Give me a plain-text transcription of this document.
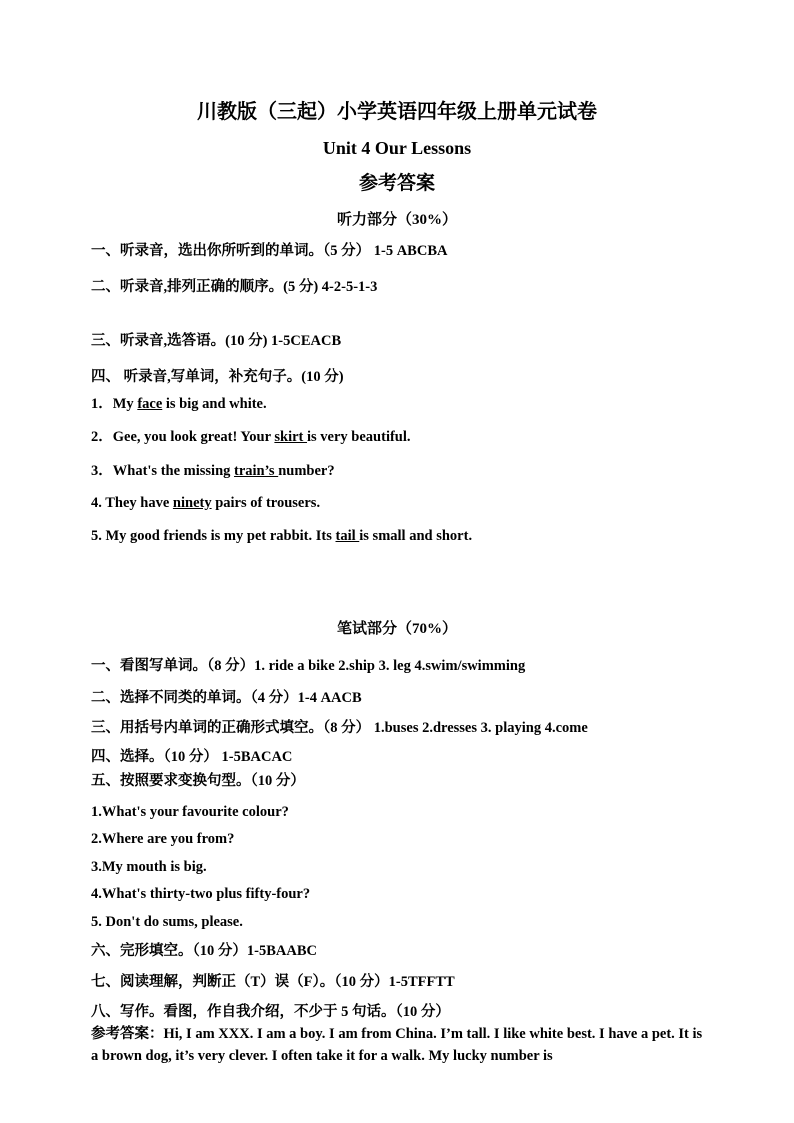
川教版（三起）小学英语四年级上册单元试卷
Unit 4 Our Lessons
参考答案
听力部分（30%）
一、听录音，选出你所听到的单词。（5 分） 1-5 ABCBA
二、听录音,排列正确的顺序。(5 分) 4-2-5-1-3
三、听录音,选答语。(10 分) 1-5CEACB
四、 听录音,写单词，补充句子。(10 分)
1．My face is big and white.
2．Gee, you look great! Your skirt is very beautiful.
3．What's the missing train’s number?
4. They have ninety pairs of trousers.
5. My good friends is my pet rabbit. Its tail is small and short.
笔试部分（70%）
一、看图写单词。（8 分）1. ride a bike 2.ship 3. leg 4.swim/swimming
二、选择不同类的单词。（4 分）1-4 AACB
三、用括号内单词的正确形式填空。（8 分） 1.buses 2.dresses 3. playing 4.come
四、选择。（10 分） 1-5BACAC
五、按照要求变换句型。（10 分）
1.What's your favourite colour?
2.Where are you from?
3.My mouth is big.
4.What's thirty-two plus fifty-four?
5. Don't do sums, please.
六、完形填空。（10 分）1-5BAABC
七、阅读理解，判断正（T）误（F）。（10 分）1-5TFFTT
八、写作。看图，作自我介绍，不少于 5 句话。（10 分）
参考答案：Hi, I am XXX. I am a boy. I am from China. I’m tall. I like white best. I have a pet. It is a brown dog, it’s very clever. I often take it for a walk. My lucky number is
